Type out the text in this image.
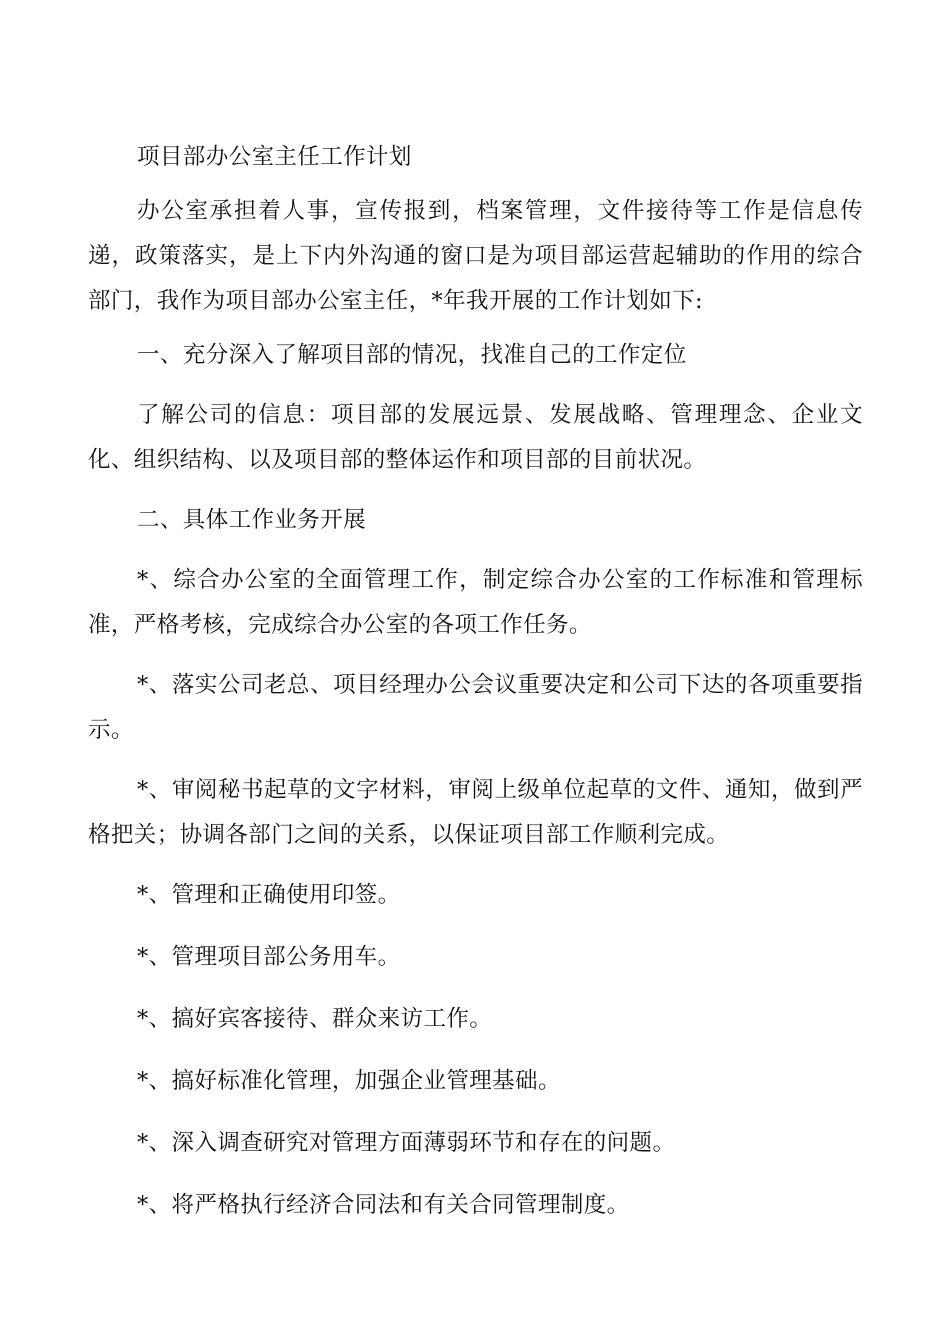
项目部办公室主任工作计划

办公室承担着人事，宣传报到，档案管理，文件接待等工作是信息传递，政策落实，是上下内外沟通的窗口是为项目部运营起辅助的作用的综合部门，我作为项目部办公室主任，*年我开展的工作计划如下:

一、充分深入了解项目部的情况，找准自己的工作定位

了解公司的信息：项目部的发展远景、发展战略、管理理念、企业文化、组织结构、以及项目部的整体运作和项目部的目前状况。

二、具体工作业务开展

*、综合办公室的全面管理工作，制定综合办公室的工作标准和管理标准，严格考核，完成综合办公室的各项工作任务。

*、落实公司老总、项目经理办公会议重要决定和公司下达的各项重要指示。

*、审阅秘书起草的文字材料，审阅上级单位起草的文件、通知，做到严格把关；协调各部门之间的关系，以保证项目部工作顺利完成。

*、管理和正确使用印签。

*、管理项目部公务用车。

*、搞好宾客接待、群众来访工作。

*、搞好标准化管理，加强企业管理基础。

*、深入调查研究对管理方面薄弱环节和存在的问题。

*、将严格执行经济合同法和有关合同管理制度。
